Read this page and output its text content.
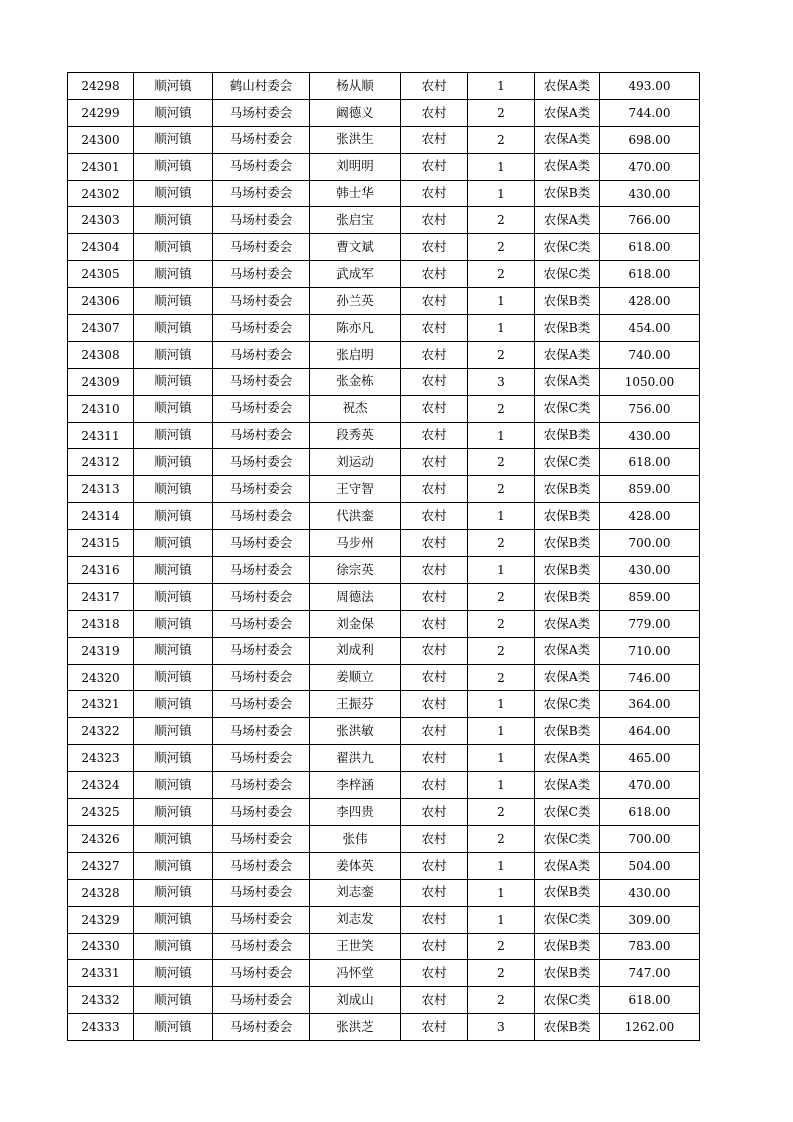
24298	顺河镇	鹤山村委会	杨从顺	农村	1	农保A类	493.00
24299	顺河镇	马场村委会	阚德义	农村	2	农保A类	744.00
24300	顺河镇	马场村委会	张洪生	农村	2	农保A类	698.00
24301	顺河镇	马场村委会	刘明明	农村	1	农保A类	470.00
24302	顺河镇	马场村委会	韩士华	农村	1	农保B类	430.00
24303	顺河镇	马场村委会	张启宝	农村	2	农保A类	766.00
24304	顺河镇	马场村委会	曹文斌	农村	2	农保C类	618.00
24305	顺河镇	马场村委会	武成军	农村	2	农保C类	618.00
24306	顺河镇	马场村委会	孙兰英	农村	1	农保B类	428.00
24307	顺河镇	马场村委会	陈亦凡	农村	1	农保B类	454.00
24308	顺河镇	马场村委会	张启明	农村	2	农保A类	740.00
24309	顺河镇	马场村委会	张金栋	农村	3	农保A类	1050.00
24310	顺河镇	马场村委会	祝杰	农村	2	农保C类	756.00
24311	顺河镇	马场村委会	段秀英	农村	1	农保B类	430.00
24312	顺河镇	马场村委会	刘运动	农村	2	农保C类	618.00
24313	顺河镇	马场村委会	王守智	农村	2	农保B类	859.00
24314	顺河镇	马场村委会	代洪銮	农村	1	农保B类	428.00
24315	顺河镇	马场村委会	马步州	农村	2	农保B类	700.00
24316	顺河镇	马场村委会	徐宗英	农村	1	农保B类	430.00
24317	顺河镇	马场村委会	周德法	农村	2	农保B类	859.00
24318	顺河镇	马场村委会	刘金保	农村	2	农保A类	779.00
24319	顺河镇	马场村委会	刘成利	农村	2	农保A类	710.00
24320	顺河镇	马场村委会	姜顺立	农村	2	农保A类	746.00
24321	顺河镇	马场村委会	王振芬	农村	1	农保C类	364.00
24322	顺河镇	马场村委会	张洪敏	农村	1	农保B类	464.00
24323	顺河镇	马场村委会	翟洪九	农村	1	农保A类	465.00
24324	顺河镇	马场村委会	李梓涵	农村	1	农保A类	470.00
24325	顺河镇	马场村委会	李四贵	农村	2	农保C类	618.00
24326	顺河镇	马场村委会	张伟	农村	2	农保C类	700.00
24327	顺河镇	马场村委会	姜体英	农村	1	农保A类	504.00
24328	顺河镇	马场村委会	刘志銮	农村	1	农保B类	430.00
24329	顺河镇	马场村委会	刘志发	农村	1	农保C类	309.00
24330	顺河镇	马场村委会	王世笑	农村	2	农保B类	783.00
24331	顺河镇	马场村委会	冯怀堂	农村	2	农保B类	747.00
24332	顺河镇	马场村委会	刘成山	农村	2	农保C类	618.00
24333	顺河镇	马场村委会	张洪芝	农村	3	农保B类	1262.00
